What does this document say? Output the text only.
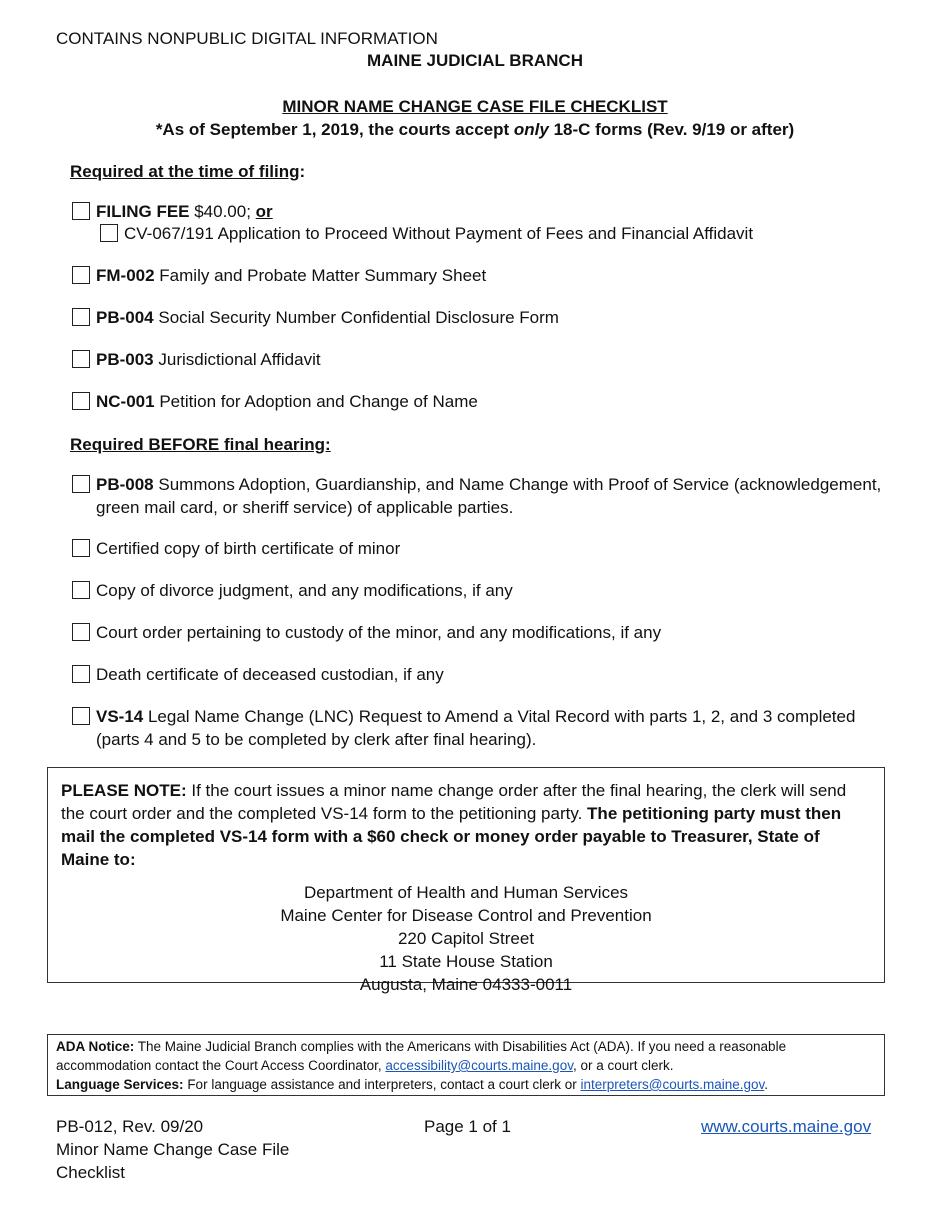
CONTAINS NONPUBLIC DIGITAL INFORMATION
MAINE JUDICIAL BRANCH
MINOR NAME CHANGE CASE FILE CHECKLIST
*As of September 1, 2019, the courts accept only 18-C forms (Rev. 9/19 or after)
Required at the time of filing:
FILING FEE $40.00; or
CV-067/191 Application to Proceed Without Payment of Fees and Financial Affidavit
FM-002 Family and Probate Matter Summary Sheet
PB-004 Social Security Number Confidential Disclosure Form
PB-003 Jurisdictional Affidavit
NC-001 Petition for Adoption and Change of Name
Required BEFORE final hearing:
PB-008 Summons Adoption, Guardianship, and Name Change with Proof of Service (acknowledgement, green mail card, or sheriff service) of applicable parties.
Certified copy of birth certificate of minor
Copy of divorce judgment, and any modifications, if any
Court order pertaining to custody of the minor, and any modifications, if any
Death certificate of deceased custodian, if any
VS-14 Legal Name Change (LNC) Request to Amend a Vital Record with parts 1, 2, and 3 completed (parts 4 and 5 to be completed by clerk after final hearing).
PLEASE NOTE: If the court issues a minor name change order after the final hearing, the clerk will send the court order and the completed VS-14 form to the petitioning party. The petitioning party must then mail the completed VS-14 form with a $60 check or money order payable to Treasurer, State of Maine to:
Department of Health and Human Services
Maine Center for Disease Control and Prevention
220 Capitol Street
11 State House Station
Augusta, Maine 04333-0011
ADA Notice: The Maine Judicial Branch complies with the Americans with Disabilities Act (ADA). If you need a reasonable accommodation contact the Court Access Coordinator, accessibility@courts.maine.gov, or a court clerk.
Language Services: For language assistance and interpreters, contact a court clerk or interpreters@courts.maine.gov.
PB-012, Rev. 09/20
Minor Name Change Case File
Checklist
Page 1 of 1	www.courts.maine.gov
